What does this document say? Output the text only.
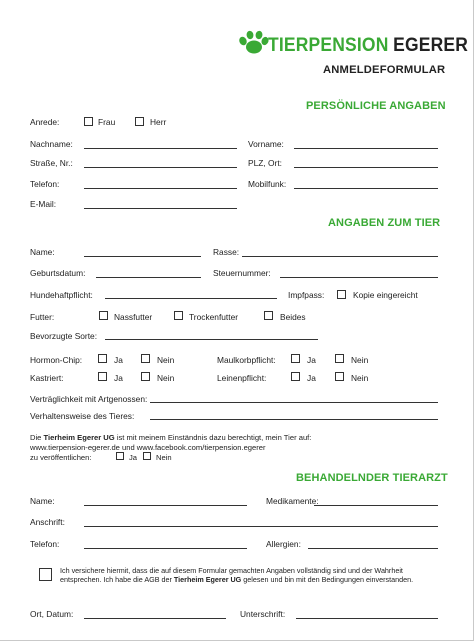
TIERPENSION EGERER
ANMELDEFORMULAR
PERSÖNLICHE ANGABEN
Anrede:	Frau	Herr
Nachname:	Vorname:
Straße, Nr.:	PLZ, Ort:
Telefon:	Mobilfunk:
E-Mail:
ANGABEN ZUM TIER
Name:	Rasse:
Geburtsdatum:	Steuernummer:
Hundehaftpflicht:	Impfpass:	Kopie eingereicht
Futter:	Nassfutter	Trockenfutter	Beides
Bevorzugte Sorte:
Hormon-Chip:	Ja	Nein	Maulkorbpflicht:	Ja	Nein
Kastriert:	Ja	Nein	Leinenpflicht:	Ja	Nein
Verträglichkeit mit Artgenossen:
Verhaltensweise des Tieres:
Die Tierheim Egerer UG ist mit meinem Einständnis dazu berechtigt, mein Tier auf:
www.tierpension-egerer.de und www.facebook.com/tierpension.egerer
zu veröffentlichen:	Ja Nein
BEHANDELNDER TIERARZT
Name:	Medikamente:
Anschrift:
Telefon:	Allergien:
Ich versichere hiermit, dass die auf diesem Formular gemachten Angaben vollständig sind und der Wahrheit
entsprechen. Ich habe die AGB der Tierheim Egerer UG gelesen und bin mit den Bedingungen einverstanden.
Ort, Datum:	Unterschrift:
